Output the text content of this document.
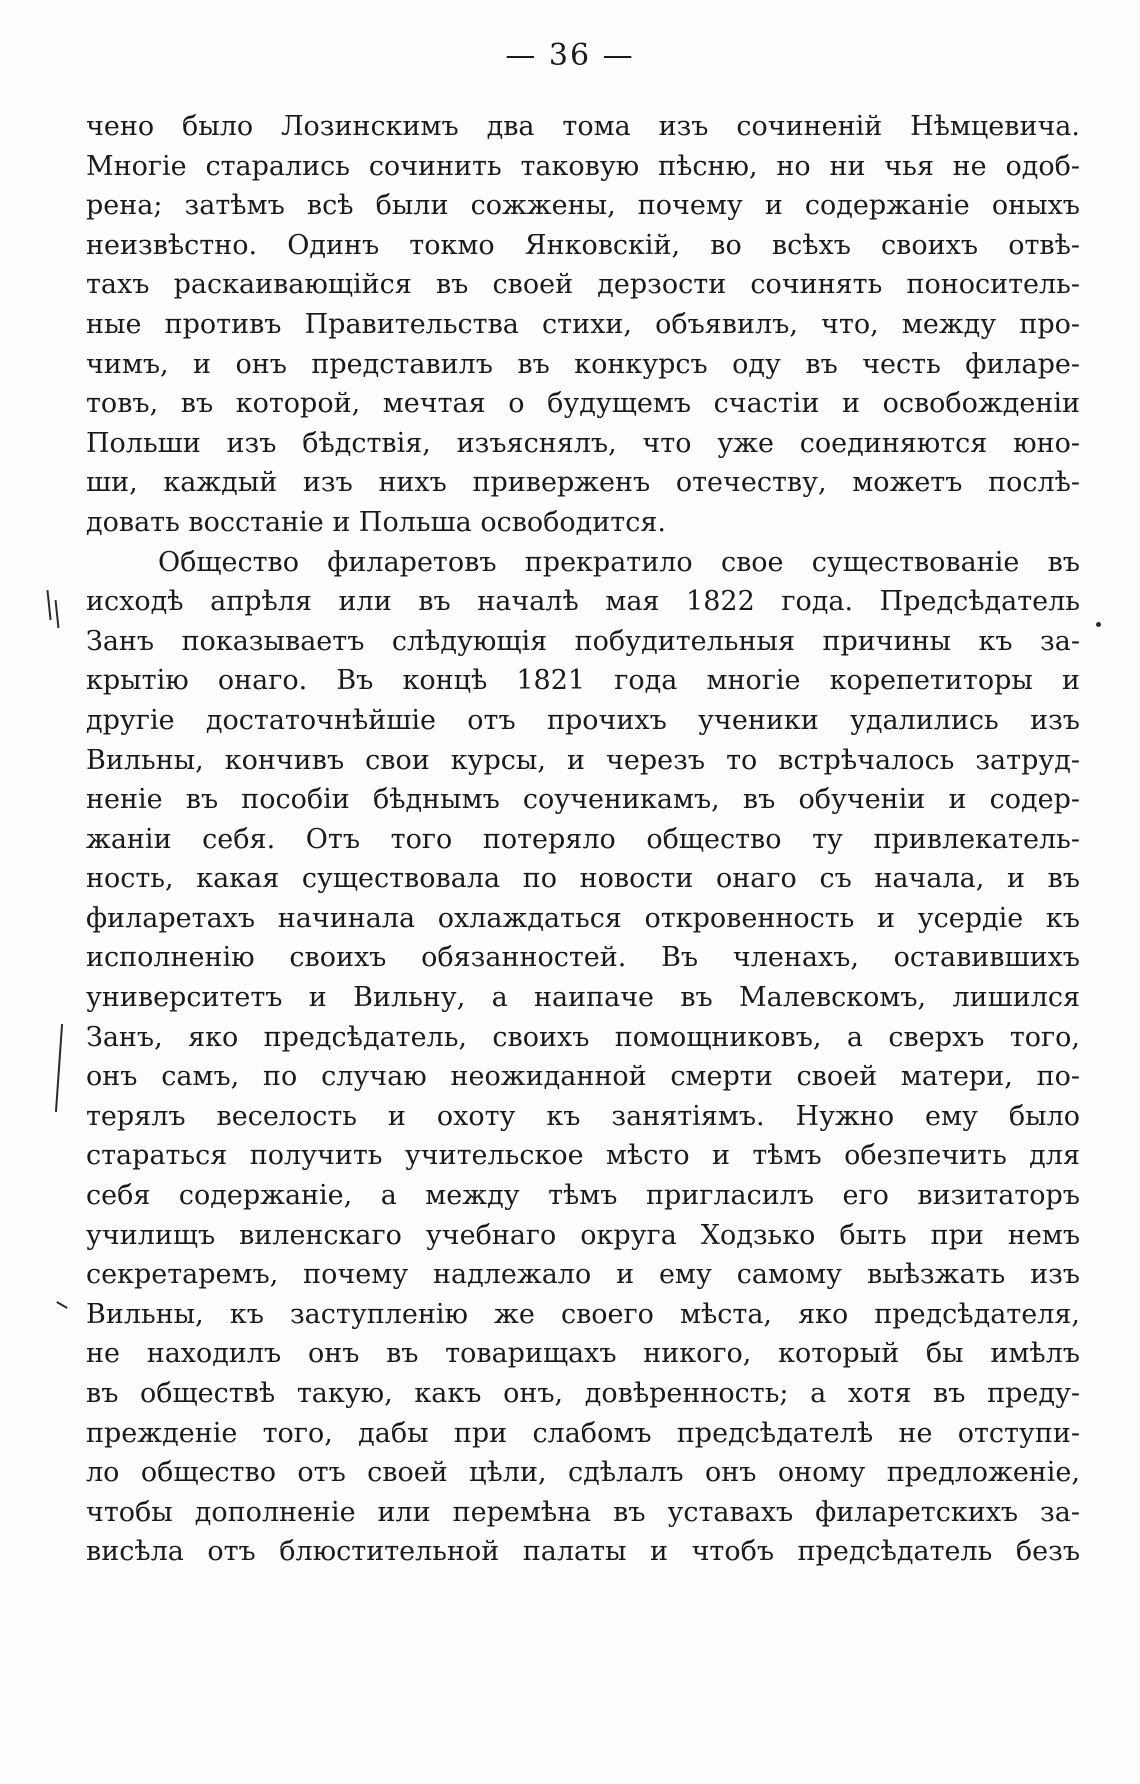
— 36 —
чено было Лозинскимъ два тома изъ сочиненій Нѣмцевича.
Многіе старались сочинить таковую пѣсню, но ни чья не одоб-
рена; затѣмъ всѣ были сожжены, почему и содержаніе оныхъ
неизвѣстно. Одинъ токмо Янковскій, во всѣхъ своихъ отвѣ-
тахъ раскаивающійся въ своей дерзости сочинять поноситель-
ные противъ Правительства стихи, объявилъ, что, между про-
чимъ, и онъ представилъ въ конкурсъ оду въ честь филаре-
товъ, въ которой, мечтая о будущемъ счастіи и освобожденіи
Польши изъ бѣдствія, изъяснялъ, что уже соединяются юно-
ши, каждый изъ нихъ приверженъ отечеству, можетъ послѣ-
довать восстаніе и Польша освободится.
Общество филаретовъ прекратило свое существованіе въ
исходѣ апрѣля или въ началѣ мая 1822 года. Предсѣдатель
Занъ показываетъ слѣдующія побудительныя причины къ за-
крытію онаго. Въ концѣ 1821 года многіе корепетиторы и
другіе достаточнѣйшіе отъ прочихъ ученики удалились изъ
Вильны, кончивъ свои курсы, и черезъ то встрѣчалось затруд-
неніе въ пособіи бѣднымъ соученикамъ, въ обученіи и содер-
жаніи себя. Отъ того потеряло общество ту привлекатель-
ность, какая существовала по новости онаго съ начала, и въ
филаретахъ начинала охлаждаться откровенность и усердіе къ
исполненію своихъ обязанностей. Въ членахъ, оставившихъ
университетъ и Вильну, а наипаче въ Малевскомъ, лишился
Занъ, яко предсѣдатель, своихъ помощниковъ, а сверхъ того,
онъ самъ, по случаю неожиданной смерти своей матери, по-
терялъ веселость и охоту къ занятіямъ. Нужно ему было
стараться получить учительское мѣсто и тѣмъ обезпечить для
себя содержаніе, а между тѣмъ пригласилъ его визитаторъ
училищъ виленскаго учебнаго округа Ходзько быть при немъ
секретаремъ, почему надлежало и ему самому выѣзжать изъ
Вильны, къ заступленію же своего мѣста, яко предсѣдателя,
не находилъ онъ въ товарищахъ никого, который бы имѣлъ
въ обществѣ такую, какъ онъ, довѣренность; а хотя въ преду-
прежденіе того, дабы при слабомъ предсѣдателѣ не отступи-
ло общество отъ своей цѣли, сдѣлалъ онъ оному предложеніе,
чтобы дополненіе или перемѣна въ уставахъ филаретскихъ за-
висѣла отъ блюстительной палаты и чтобъ предсѣдатель безъ
